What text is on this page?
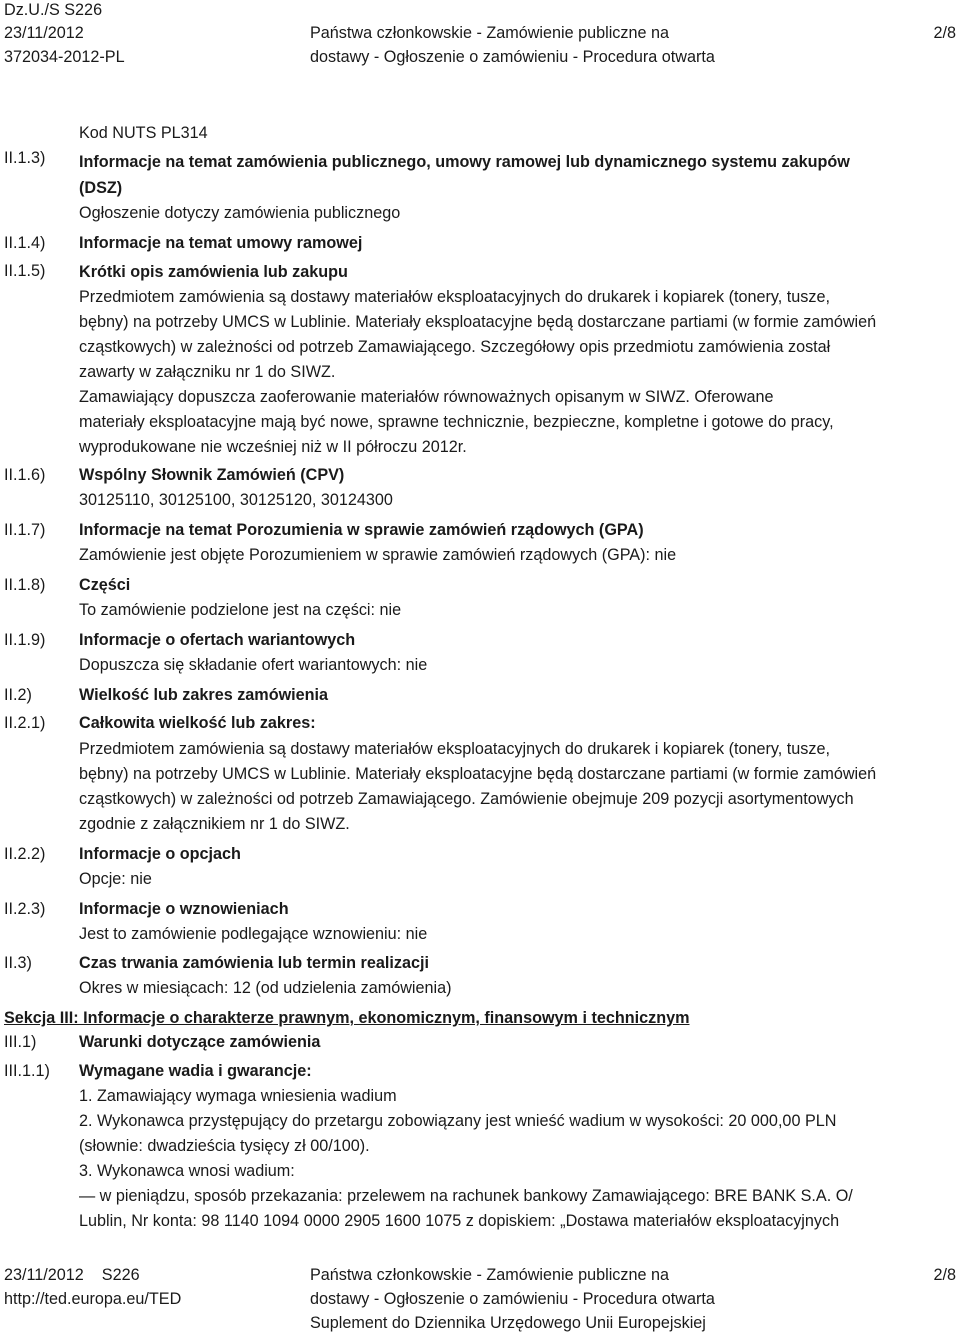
Dz.U./S S226
23/11/2012
372034-2012-PL
Państwa członkowskie - Zamówienie publiczne na
dostawy - Ogłoszenie o zamówieniu - Procedura otwarta
2/8
II.1.3)
II.1.4)
II.1.5)
II.1.6)
II.1.7)
II.1.8)
II.1.9)
II.2)
II.2.1)
II.2.2)
II.2.3)
II.3)
III.1)
III.1.1)
Kod NUTS PL314
Informacje na temat zamówienia publicznego, umowy ramowej lub dynamicznego systemu zakupów
(DSZ)
Ogłoszenie dotyczy zamówienia publicznego
Informacje na temat umowy ramowej
Krótki opis zamówienia lub zakupu
Przedmiotem zamówienia są dostawy materiałów eksploatacyjnych do drukarek i kopiarek (tonery, tusze,
bębny) na potrzeby UMCS w Lublinie. Materiały eksploatacyjne będą dostarczane partiami (w formie zamówień
cząstkowych) w zależności od potrzeb Zamawiającego. Szczegółowy opis przedmiotu zamówienia został
zawarty w załączniku nr 1 do SIWZ.
Zamawiający dopuszcza zaoferowanie materiałów równoważnych opisanym w SIWZ. Oferowane
materiały eksploatacyjne mają być nowe, sprawne technicznie, bezpieczne, kompletne i gotowe do pracy,
wyprodukowane nie wcześniej niż w II półroczu 2012r.
Wspólny Słownik Zamówień (CPV)
30125110, 30125100, 30125120, 30124300
Informacje na temat Porozumienia w sprawie zamówień rządowych (GPA)
Zamówienie jest objęte Porozumieniem w sprawie zamówień rządowych (GPA): nie
Części
To zamówienie podzielone jest na części: nie
Informacje o ofertach wariantowych
Dopuszcza się składanie ofert wariantowych: nie
Wielkość lub zakres zamówienia
Całkowita wielkość lub zakres:
Przedmiotem zamówienia są dostawy materiałów eksploatacyjnych do drukarek i kopiarek (tonery, tusze,
bębny) na potrzeby UMCS w Lublinie. Materiały eksploatacyjne będą dostarczane partiami (w formie zamówień
cząstkowych) w zależności od potrzeb Zamawiającego. Zamówienie obejmuje 209 pozycji asortymentowych
zgodnie z załącznikiem nr 1 do SIWZ.
Informacje o opcjach
Opcje: nie
Informacje o wznowieniach
Jest to zamówienie podlegające wznowieniu: nie
Czas trwania zamówienia lub termin realizacji
Okres w miesiącach: 12 (od udzielenia zamówienia)
Sekcja III: Informacje o charakterze prawnym, ekonomicznym, finansowym i technicznym
Warunki dotyczące zamówienia
Wymagane wadia i gwarancje:
1. Zamawiający wymaga wniesienia wadium
2. Wykonawca przystępujący do przetargu zobowiązany jest wnieść wadium w wysokości: 20 000,00 PLN
(słownie: dwadzieścia tysięcy zł 00/100).
3. Wykonawca wnosi wadium:
— w pieniądzu, sposób przekazania: przelewem na rachunek bankowy Zamawiającego: BRE BANK S.A. O/
Lublin, Nr konta: 98 1140 1094 0000 2905 1600 1075 z dopiskiem: „Dostawa materiałów eksploatacyjnych
23/11/2012    S226
http://ted.europa.eu/TED
Państwa członkowskie - Zamówienie publiczne na
dostawy - Ogłoszenie o zamówieniu - Procedura otwarta
Suplement do Dziennika Urzędowego Unii Europejskiej
2/8
